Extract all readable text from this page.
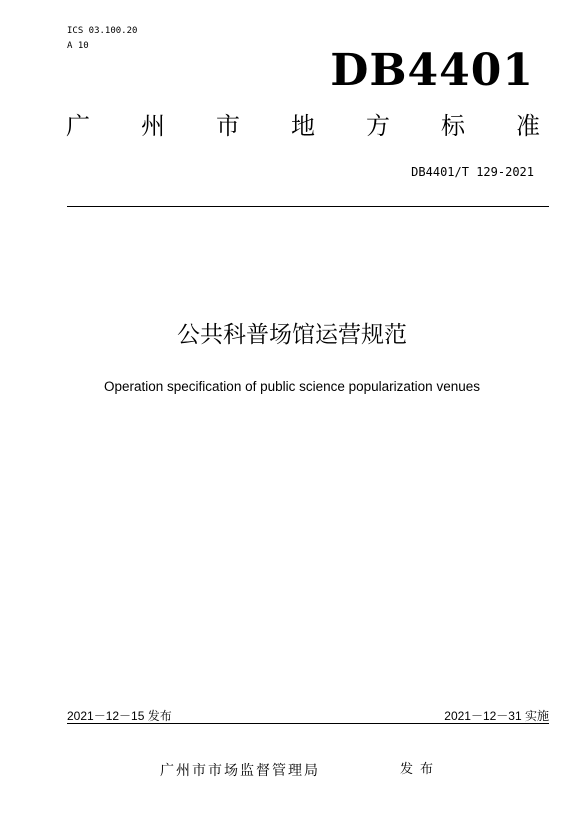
ICS 03.100.20
A 10	DB4401
广 州 市 地 方 标 准
DB4401/T 129-2021
公共科普场馆运营规范
Operation specification of public science popularization venues
2021－12－15 发布	2021－12－31 实施
广州市市场监督管理局	发布
